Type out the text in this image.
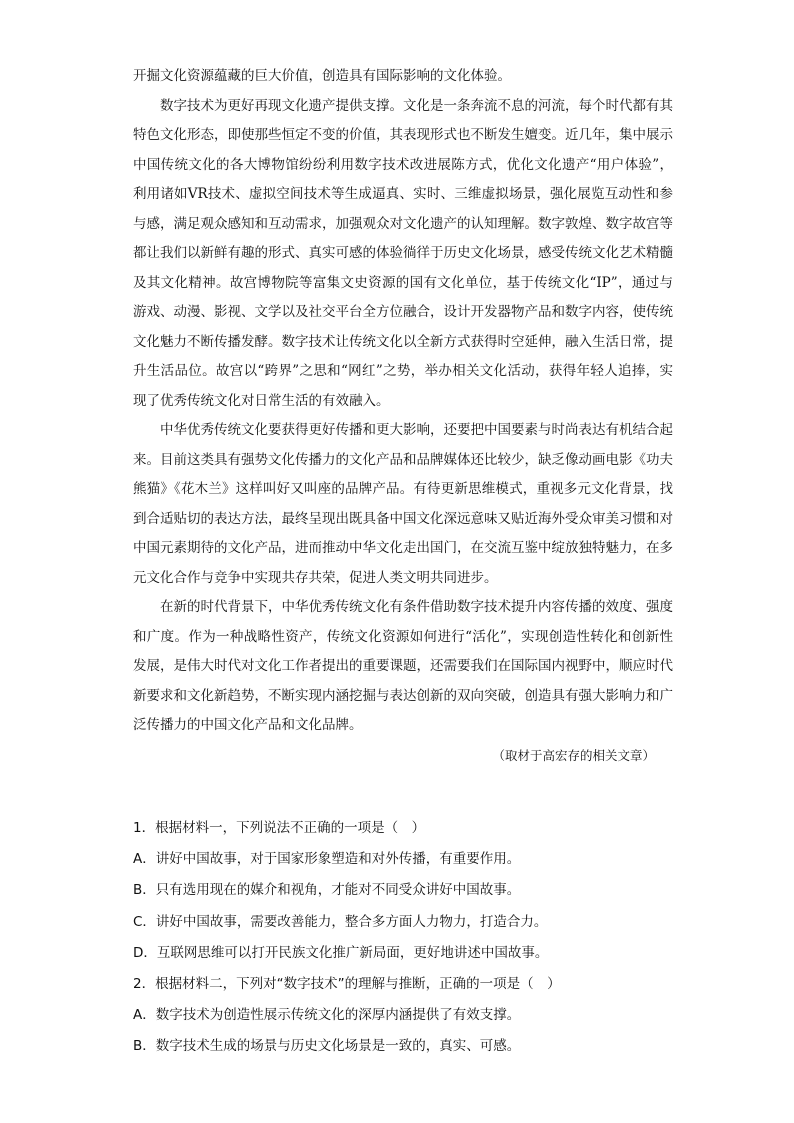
开掘文化资源蕴藏的巨大价值，创造具有国际影响的文化体验。

数字技术为更好再现文化遗产提供支撑。文化是一条奔流不息的河流，每个时代都有其特色文化形态，即使那些恒定不变的价值，其表现形式也不断发生嬗变。近几年，集中展示中国传统文化的各大博物馆纷纷利用数字技术改进展陈方式，优化文化遗产“用户体验”，利用诸如VR技术、虚拟空间技术等生成逼真、实时、三维虚拟场景，强化展览互动性和参与感，满足观众感知和互动需求，加强观众对文化遗产的认知理解。数字敦煌、数字故宫等都让我们以新鲜有趣的形式、真实可感的体验徜徉于历史文化场景，感受传统文化艺术精髓及其文化精神。故宫博物院等富集文史资源的国有文化单位，基于传统文化“IP”，通过与游戏、动漫、影视、文学以及社交平台全方位融合，设计开发器物产品和数字内容，使传统文化魅力不断传播发酵。数字技术让传统文化以全新方式获得时空延伸，融入生活日常，提升生活品位。故宫以“跨界”之思和“网红”之势，举办相关文化活动，获得年轻人追捧，实现了优秀传统文化对日常生活的有效融入。

中华优秀传统文化要获得更好传播和更大影响，还要把中国要素与时尚表达有机结合起来。目前这类具有强势文化传播力的文化产品和品牌媒体还比较少，缺乏像动画电影《功夫熊猫》《花木兰》这样叫好又叫座的品牌产品。有待更新思维模式，重视多元文化背景，找到合适贴切的表达方法，最终呈现出既具备中国文化深远意味又贴近海外受众审美习惯和对中国元素期待的文化产品，进而推动中华文化走出国门，在交流互鉴中绽放独特魅力，在多元文化合作与竞争中实现共存共荣，促进人类文明共同进步。

在新的时代背景下，中华优秀传统文化有条件借助数字技术提升内容传播的效度、强度和广度。作为一种战略性资产，传统文化资源如何进行“活化”，实现创造性转化和创新性发展，是伟大时代对文化工作者提出的重要课题，还需要我们在国际国内视野中，顺应时代新要求和文化新趋势，不断实现内涵挖掘与表达创新的双向突破，创造具有强大影响力和广泛传播力的中国文化产品和文化品牌。

（取材于高宏存的相关文章）

1．根据材料一，下列说法不正确的一项是（　）
A．讲好中国故事，对于国家形象塑造和对外传播，有重要作用。
B．只有选用现在的媒介和视角，才能对不同受众讲好中国故事。
C．讲好中国故事，需要改善能力，整合多方面人力物力，打造合力。
D．互联网思维可以打开民族文化推广新局面，更好地讲述中国故事。
2．根据材料二，下列对“数字技术”的理解与推断，正确的一项是（　）
A．数字技术为创造性展示传统文化的深厚内涵提供了有效支撑。
B．数字技术生成的场景与历史文化场景是一致的，真实、可感。
